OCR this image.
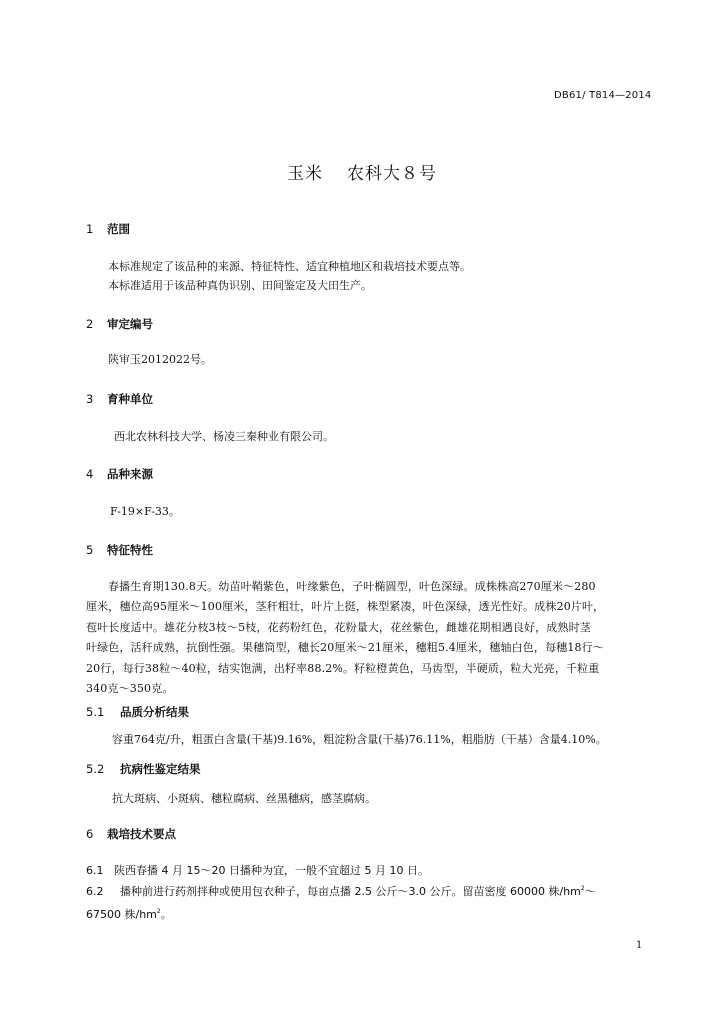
DB61/ T814—2014
玉米 农科大８号
1 范围
本标准规定了该品种的来源、特征特性、适宜种植地区和栽培技术要点等。
本标准适用于该品种真伪识别、田间鉴定及大田生产。
2 审定编号
陕审玉2012022号。
3 育种单位
西北农林科技大学、杨凌三秦种业有限公司。
4 品种来源
F-19×F-33。
5 特征特性
春播生育期130.8天。幼苗叶鞘紫色，叶缘紫色，子叶椭圆型，叶色深绿。成株株高270厘米～280
厘米，穗位高95厘米～100厘米，茎秆粗壮，叶片上挺，株型紧凑，叶色深绿，透光性好。成株20片叶，
苞叶长度适中。雄花分枝3枝～5枝，花药粉红色，花粉量大，花丝紫色，雌雄花期相遇良好，成熟时茎
叶绿色，活秆成熟，抗倒性强。果穗筒型，穗长20厘米～21厘米，穗粗5.4厘米，穗轴白色，每穗18行～
20行，每行38粒～40粒，结实饱满，出籽率88.2%。籽粒橙黄色，马齿型，半硬质，粒大光亮，千粒重
340克～350克。
5.1 品质分析结果
容重764克/升，粗蛋白含量(干基)9.16%，粗淀粉含量(干基)76.11%，粗脂肪（干基）含量4.10%。
5.2 抗病性鉴定结果
抗大斑病、小斑病、穗粒腐病、丝黑穗病，感茎腐病。
6 栽培技术要点
6.1 陕西春播 4 月 15～20 日播种为宜，一般不宜超过 5 月 10 日。
6.2 播种前进行药剂拌种或使用包衣种子，每亩点播 2.5 公斤～3.0 公斤。留苗密度 60000 株$/hm^2\sim$
67500 株$/hm^2$。
1
